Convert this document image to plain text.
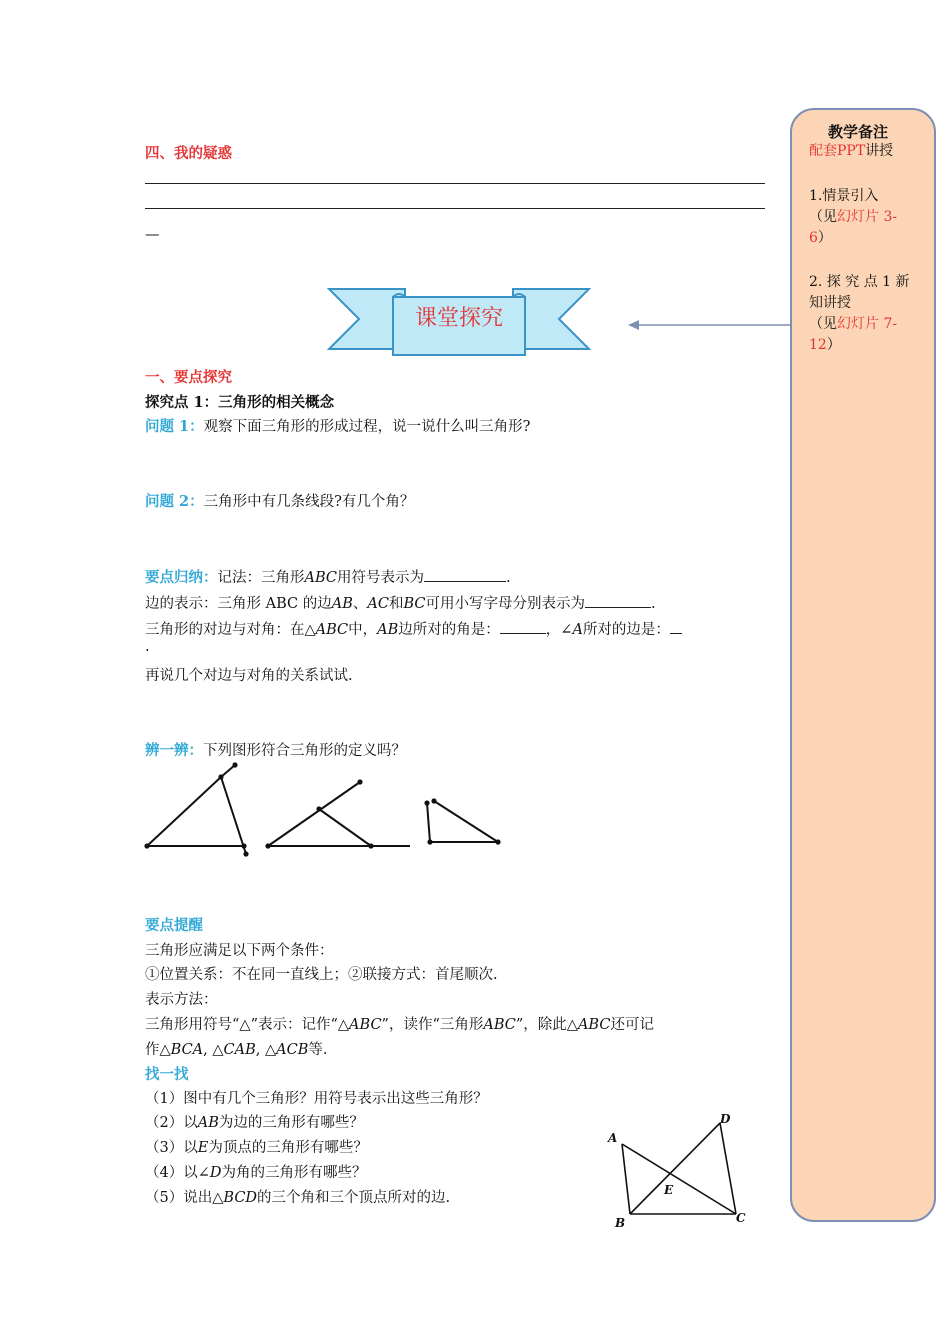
四、我的疑惑
—
课堂探究
一、要点探究
探究点 1：三角形的相关概念
问题 1：观察下面三角形的形成过程，说一说什么叫三角形?
问题 2：三角形中有几条线段?有几个角？
要点归纳：记法：三角形ABC用符号表示为	.
边的表示：三角形 ABC 的边AB、AC和BC可用小写字母分别表示为	.
三角形的对边与对角：在△ABC中，AB边所对的角是：	，∠A所对的边是：
.
再说几个对边与对角的关系试试.
辨一辨：下列图形符合三角形的定义吗？
要点提醒
三角形应满足以下两个条件：
①位置关系：不在同一直线上；②联接方式：首尾顺次.
表示方法：
三角形用符号“△”表示：记作“△ABC”，读作“三角形ABC”，除此△ABC还可记
作△BCA, △CAB, △ACB等.
找一找
（1）图中有几个三角形？用符号表示出这些三角形？
（2）以AB为边的三角形有哪些？
（3）以E为顶点的三角形有哪些？
（4）以∠D为角的三角形有哪些？
（5）说出△BCD的三个角和三个顶点所对的边.
A
B	C
D
E
教学备注
配套PPT讲授
1.情景引入
（见幻灯片 3-
6）
2. 探 究 点 1 新
知讲授
（见幻灯片 7-
12）
